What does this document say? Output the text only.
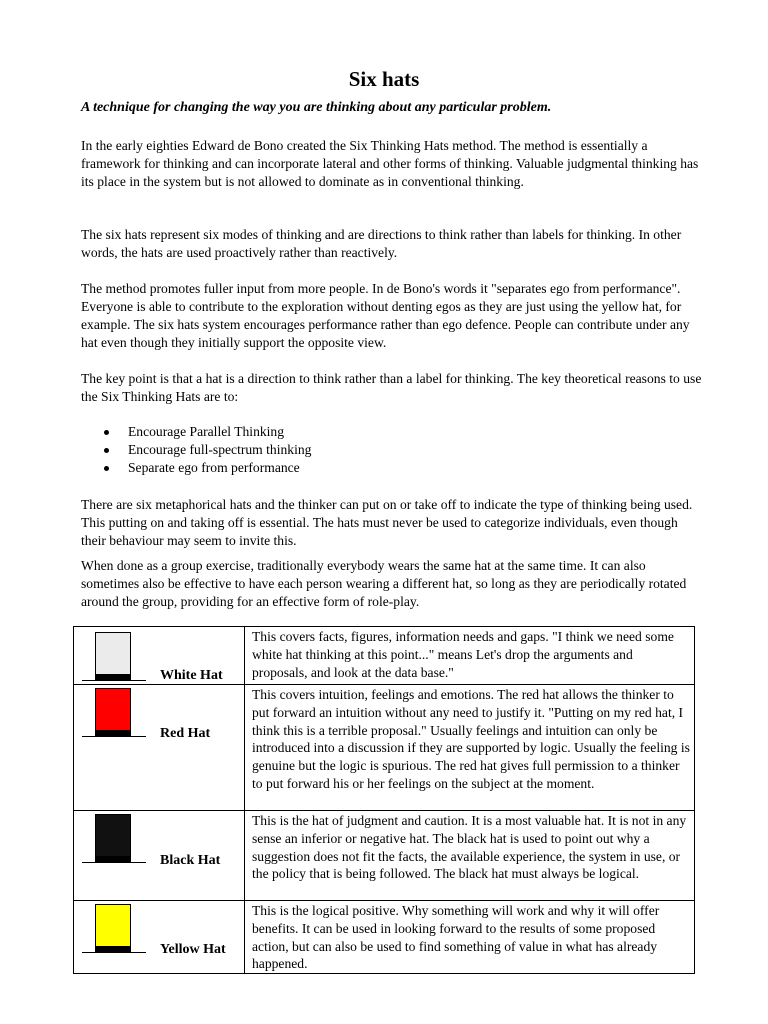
Six hats
A technique for changing the way you are thinking about any particular problem.

In the early eighties Edward de Bono created the Six Thinking Hats method. The method is essentially a framework for thinking and can incorporate lateral and other forms of thinking. Valuable judgmental thinking has its place in the system but is not allowed to dominate as in conventional thinking.

The six hats represent six modes of thinking and are directions to think rather than labels for thinking. In other words, the hats are used proactively rather than reactively.

The method promotes fuller input from more people. In de Bono's words it "separates ego from performance". Everyone is able to contribute to the exploration without denting egos as they are just using the yellow hat, for example. The six hats system encourages performance rather than ego defence. People can contribute under any hat even though they initially support the opposite view.

The key point is that a hat is a direction to think rather than a label for thinking. The key theoretical reasons to use the Six Thinking Hats are to:

Encourage Parallel Thinking
Encourage full-spectrum thinking
Separate ego from performance

There are six metaphorical hats and the thinker can put on or take off to indicate the type of thinking being used. This putting on and taking off is essential. The hats must never be used to categorize individuals, even though their behaviour may seem to invite this.

When done as a group exercise, traditionally everybody wears the same hat at the same time. It can also sometimes also be effective to have each person wearing a different hat, so long as they are periodically rotated around the group, providing for an effective form of role-play.

White Hat	This covers facts, figures, information needs and gaps. "I think we need some white hat thinking at this point..." means Let's drop the arguments and proposals, and look at the data base."

Red Hat	This covers intuition, feelings and emotions. The red hat allows the thinker to put forward an intuition without any need to justify it. "Putting on my red hat, I think this is a terrible proposal." Usually feelings and intuition can only be introduced into a discussion if they are supported by logic. Usually the feeling is genuine but the logic is spurious. The red hat gives full permission to a thinker to put forward his or her feelings on the subject at the moment.

Black Hat	This is the hat of judgment and caution. It is a most valuable hat. It is not in any sense an inferior or negative hat. The black hat is used to point out why a suggestion does not fit the facts, the available experience, the system in use, or the policy that is being followed. The black hat must always be logical.

Yellow Hat	This is the logical positive. Why something will work and why it will offer benefits. It can be used in looking forward to the results of some proposed action, but can also be used to find something of value in what has already happened.
